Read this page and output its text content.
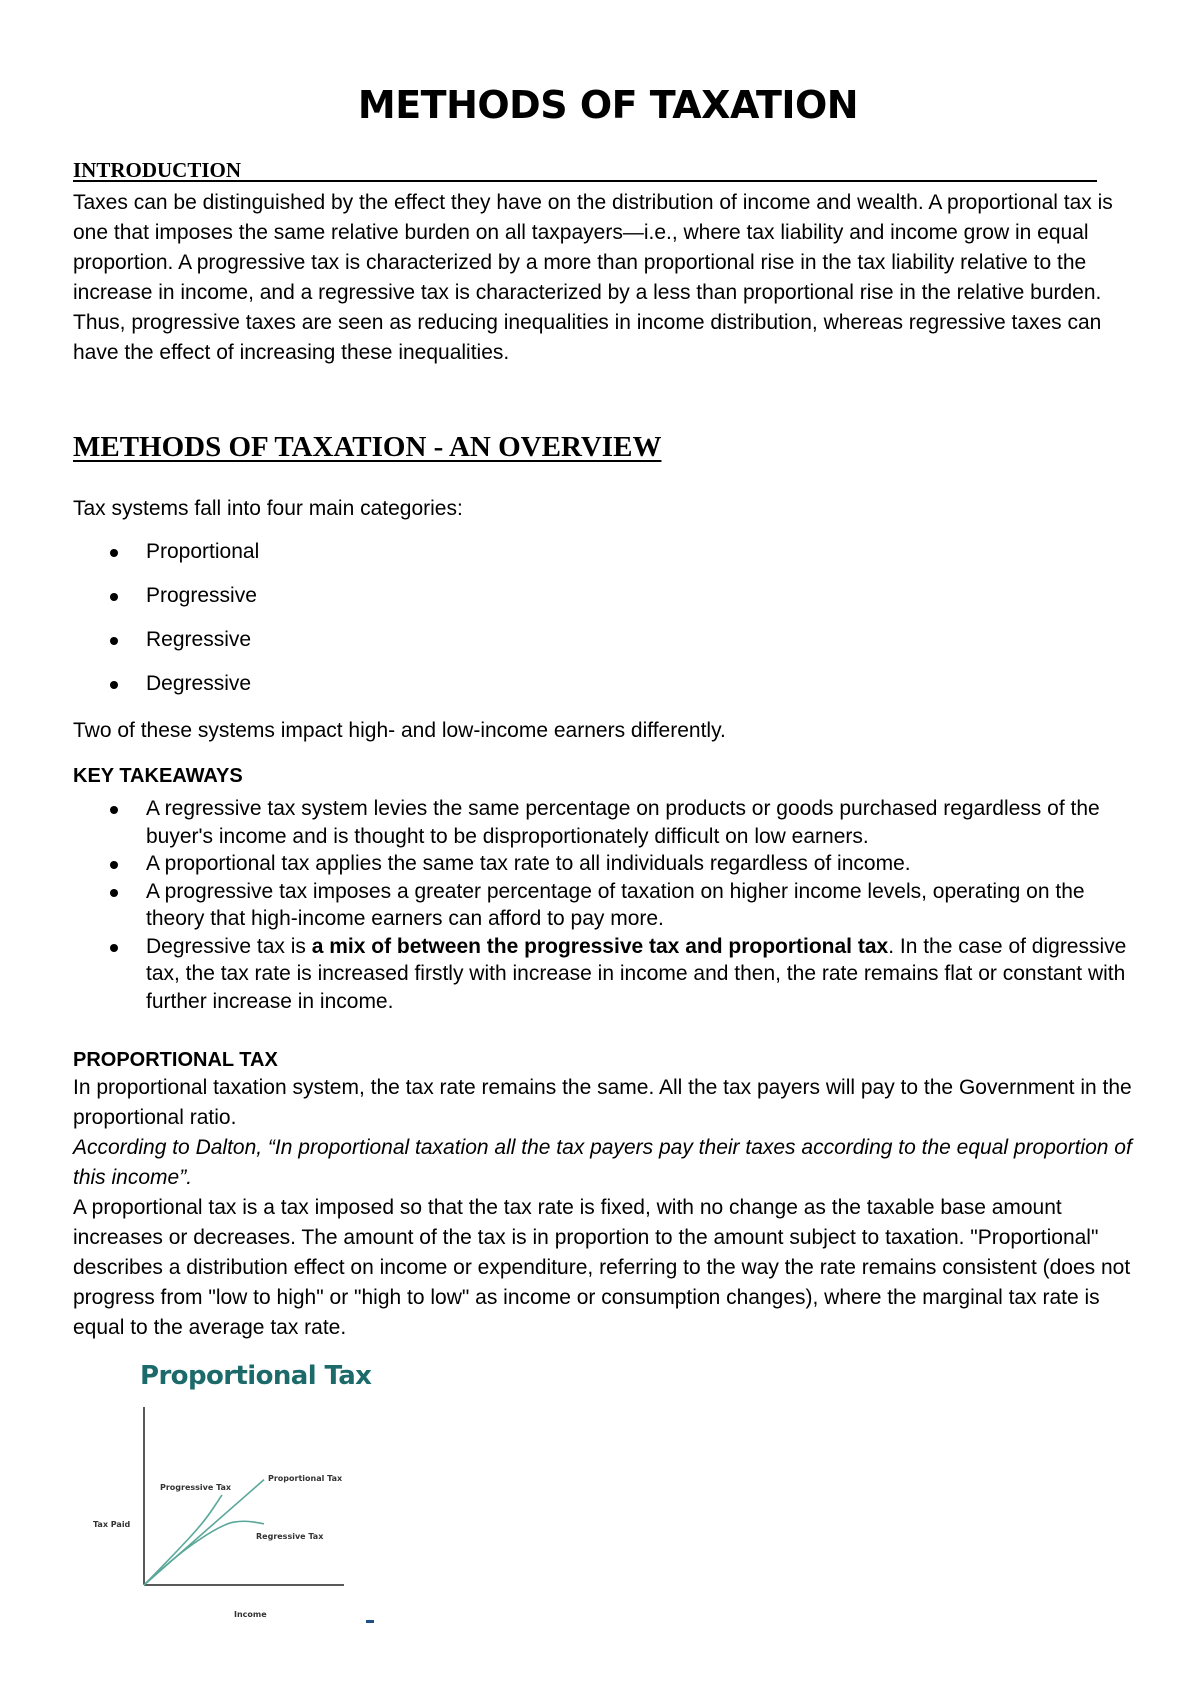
METHODS OF TAXATION
INTRODUCTION

Taxes can be distinguished by the effect they have on the distribution of income and wealth. A proportional tax is one that imposes the same relative burden on all taxpayers—i.e., where tax liability and income grow in equal proportion. A progressive tax is characterized by a more than proportional rise in the tax liability relative to the increase in income, and a regressive tax is characterized by a less than proportional rise in the relative burden. Thus, progressive taxes are seen as reducing inequalities in income distribution, whereas regressive taxes can have the effect of increasing these inequalities.

METHODS OF TAXATION - AN OVERVIEW
Tax systems fall into four main categories:
Proportional
Progressive
Regressive
Degressive
Two of these systems impact high- and low-income earners differently.
KEY TAKEAWAYS
A regressive tax system levies the same percentage on products or goods purchased regardless of the buyer's income and is thought to be disproportionately difficult on low earners.
A proportional tax applies the same tax rate to all individuals regardless of income.
A progressive tax imposes a greater percentage of taxation on higher income levels, operating on the theory that high-income earners can afford to pay more.
Degressive tax is a mix of between the progressive tax and proportional tax. In the case of digressive tax, the tax rate is increased firstly with increase in income and then, the rate remains flat or constant with further increase in income.
PROPORTIONAL TAX

In proportional taxation system, the tax rate remains the same. All the tax payers will pay to the Government in the proportional ratio.

According to Dalton, “In proportional taxation all the tax payers pay their taxes according to the equal proportion of this income”.

A proportional tax is a tax imposed so that the tax rate is fixed, with no change as the taxable base amount increases or decreases. The amount of the tax is in proportion to the amount subject to taxation. "Proportional" describes a distribution effect on income or expenditure, referring to the way the rate remains consistent (does not progress from "low to high" or "high to low" as income or consumption changes), where the marginal tax rate is equal to the average tax rate.

Proportional Tax
Tax Paid
Income
Proportional Tax
Progressive Tax
Regressive Tax
